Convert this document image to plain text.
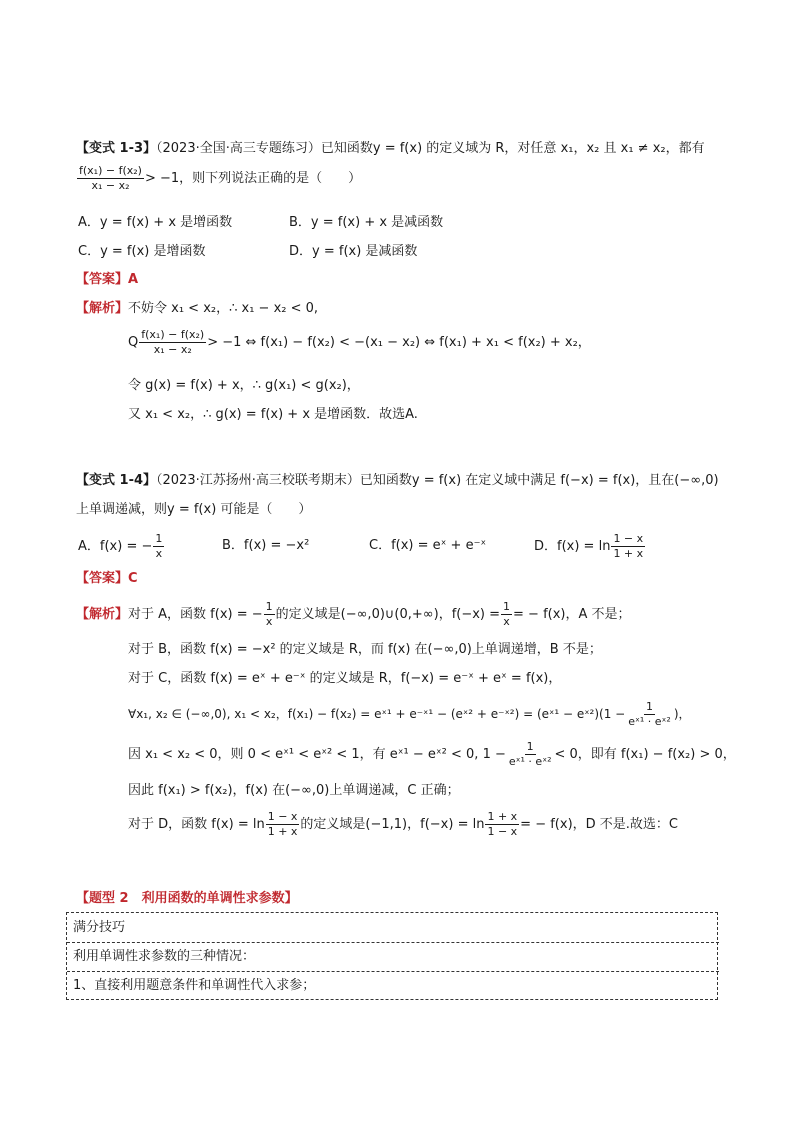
【变式 1-3】（2023·全国·高三专题练习）已知函数y = f(x) 的定义域为 R，对任意 x₁，x₂ 且 x₁ ≠ x₂，都有
$\frac{\text{f(x₁) − f(x₂)}}{\text{x₁ − x₂}} > -1$，则下列说法正确的是（　　）
A．y = f(x) + x 是增函数	B．y = f(x) + x 是减函数
C．y = f(x) 是增函数	D．y = f(x) 是减函数
【答案】A
【解析】不妨令 x₁ < x₂，∴ x₁ − x₂ < 0,
Q $\frac{\text{f(x₁) − f(x₂)}}{\text{x₁ − x₂}} > -1$ ⇔ f(x₁) − f(x₂) < −(x₁ − x₂) ⇔ f(x₁) + x₁ < f(x₂) + x₂，
令 g(x) = f(x) + x，∴ g(x₁) < g(x₂)，
又 x₁ < x₂，∴ g(x) = f(x) + x 是增函数．故选A.
【变式 1-4】（2023·江苏扬州·高三校联考期末）已知函数y = f(x) 在定义域中满足 f(−x) = f(x)，且在(−∞,0)
上单调递减，则y = f(x) 可能是（　　）
A．f(x) = − $\frac{1}{x}$	B．f(x) = −x²	C．f(x) = eˣ + e⁻ˣ	D．$f(x) = \ln \frac{1 - x}{1 + x}$
【答案】C
【解析】对于 A，函数 f(x) = − $\frac{1}{x}$ 的定义域是(−∞,0)∪(0,+∞)，$f(-x) = \frac{1}{x}$ = − f(x)，A 不是；
对于 B，函数 f(x) = −x² 的定义域是 R，而 f(x) 在(−∞,0)上单调递增，B 不是；
对于 C，函数 f(x) = eˣ + e⁻ˣ 的定义域是 R，f(−x) = e⁻ˣ + eˣ = f(x)，
∀x₁, x₂ ∈ (−∞,0), x₁ < x₂，f(x₁) − f(x₂) = eˣ¹ + e⁻ˣ¹ − (eˣ² + e⁻ˣ²) = (eˣ¹ − eˣ²)(1 − $\frac{1}{\text{eˣ¹ · eˣ²}}$ )，
因 x₁ < x₂ < 0，则 0 < eˣ¹ < eˣ² < 1，有 eˣ¹ − eˣ² < 0, $1 - \frac{1}{\text{eˣ¹ · eˣ²}} < 0$，即有 f(x₁) − f(x₂) > 0，
因此 f(x₁) > f(x₂)，f(x) 在(−∞,0)上单调递减，C 正确；
对于 D，函数 $f(x) = \ln \frac{1 - x}{1 + x}$ 的定义域是(−1,1)，$f(-x) = \ln \frac{1 + x}{1 - x}$ = − f(x)，D 不是.故选：C
【题型 2　利用函数的单调性求参数】
满分技巧
利用单调性求参数的三种情况：
1、直接利用题意条件和单调性代入求参；
